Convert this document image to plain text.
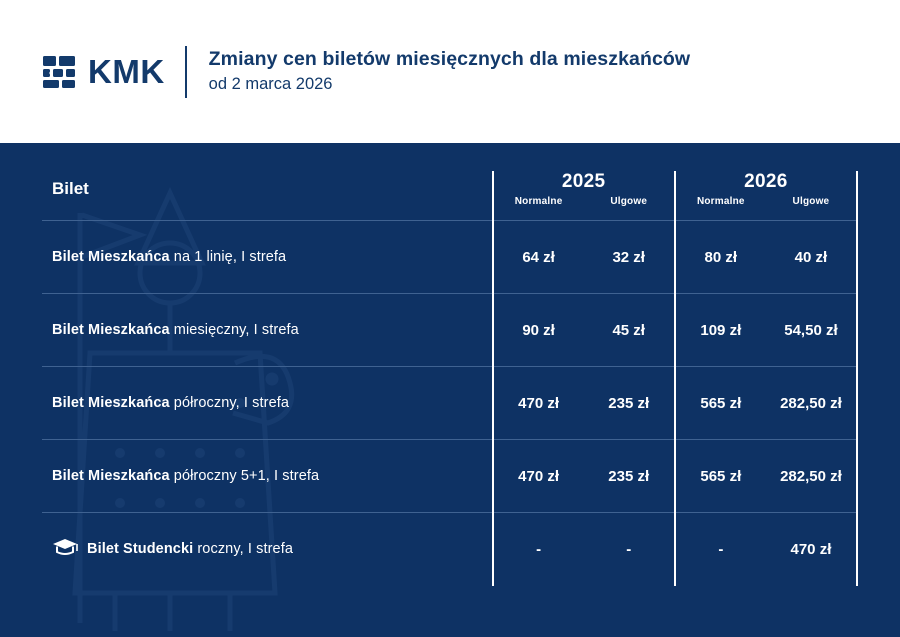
KMK Zmiany cen biletów miesięcznych dla mieszkańców
od 2 marca 2026
Bilet	2025		2026	
	Normalne	Ulgowe	Normalne	Ulgowe
Bilet Mieszkańca na 1 linię, I strefa	64 zł	32 zł	80 zł	40 zł
Bilet Mieszkańca miesięczny, I strefa	90 zł	45 zł	109 zł	54,50 zł
Bilet Mieszkańca półroczny, I strefa	470 zł	235 zł	565 zł	282,50 zł
Bilet Mieszkańca półroczny 5+1, I strefa	470 zł	235 zł	565 zł	282,50 zł

Bilet Studencki roczny, I strefa	-	-	-	470 zł
